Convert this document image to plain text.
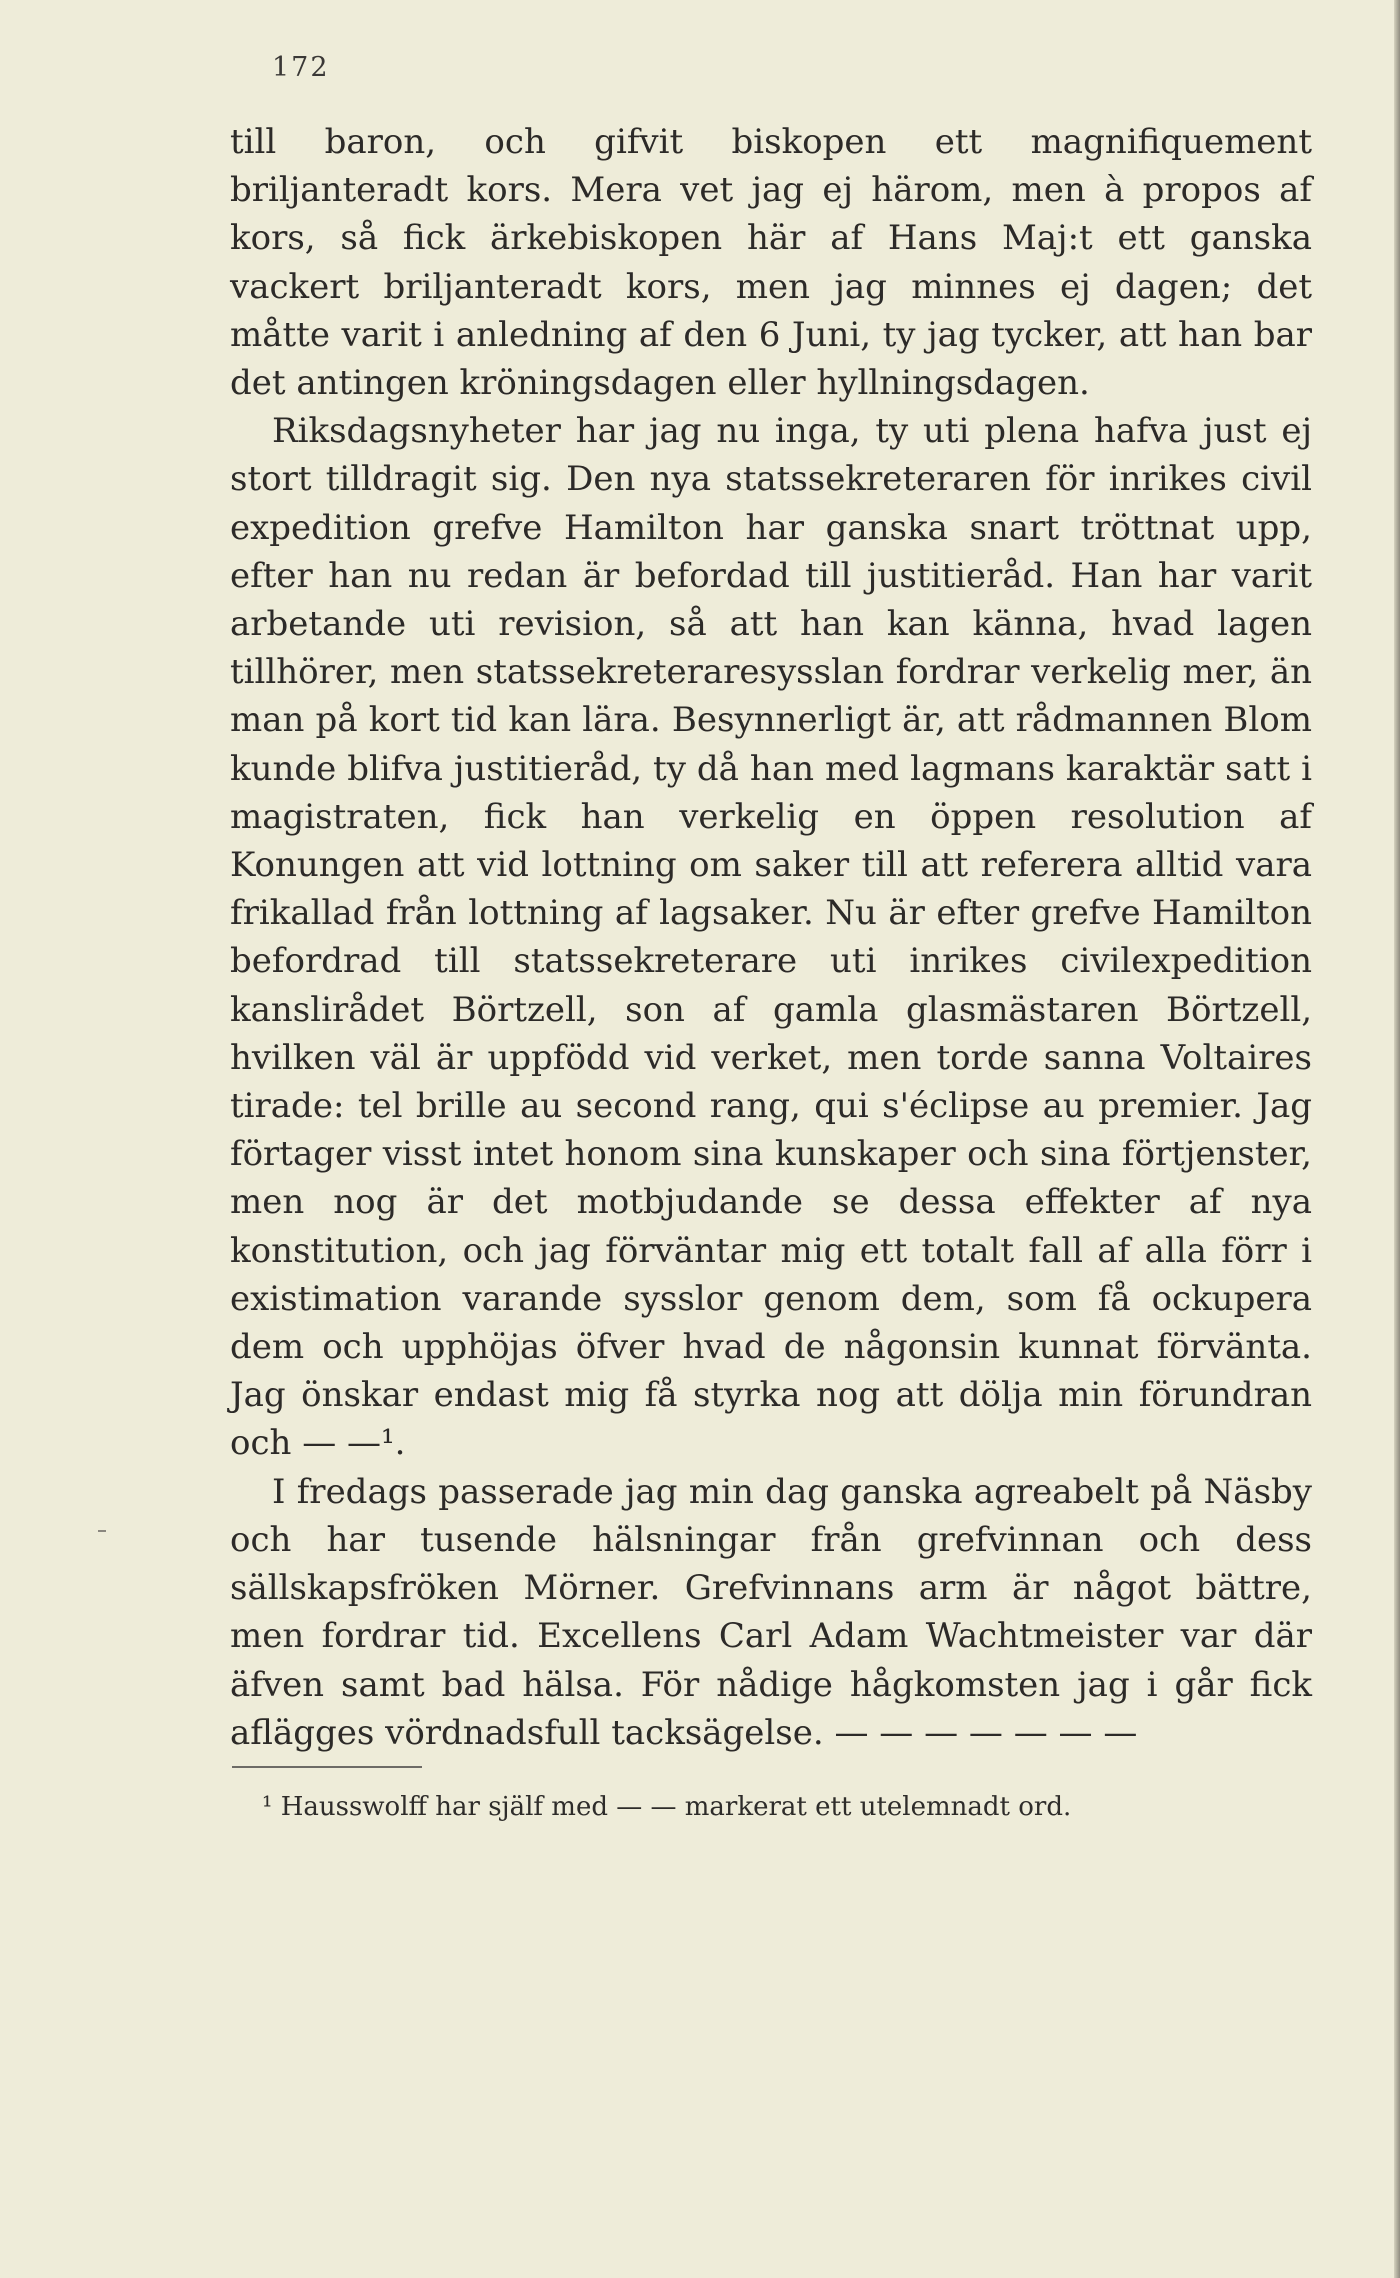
172

till baron, och gifvit biskopen ett magnifiquement briljanteradt kors. Mera vet jag ej härom, men à propos af kors, så fick ärkebiskopen här af Hans Maj:t ett ganska vackert briljanteradt kors, men jag minnes ej dagen; det måtte varit i anledning af den 6 Juni, ty jag tycker, att han bar det antingen kröningsdagen eller hyllningsdagen.

Riksdagsnyheter har jag nu inga, ty uti plena hafva just ej stort tilldragit sig. Den nya statssekreteraren för inrikes civil expedition grefve Hamilton har ganska snart tröttnat upp, efter han nu redan är befordad till justitieråd. Han har varit arbetande uti revision, så att han kan känna, hvad lagen tillhörer, men statssekreteraresysslan fordrar verkelig mer, än man på kort tid kan lära. Besynnerligt är, att rådmannen Blom kunde blifva justitieråd, ty då han med lagmans karaktär satt i magistraten, fick han verkelig en öppen resolution af Konungen att vid lottning om saker till att referera alltid vara frikallad från lottning af lagsaker. Nu är efter grefve Hamilton befordrad till statssekreterare uti inrikes civilexpedition kanslirådet Börtzell, son af gamla glasmästaren Börtzell, hvilken väl är uppfödd vid verket, men torde sanna Voltaires tirade: tel brille au second rang, qui s'éclipse au premier. Jag förtager visst intet honom sina kunskaper och sina förtjenster, men nog är det motbjudande se dessa effekter af nya konstitution, och jag förväntar mig ett totalt fall af alla förr i existimation varande sysslor genom dem, som få ockupera dem och upphöjas öfver hvad de någonsin kunnat förvänta. Jag önskar endast mig få styrka nog att dölja min förundran och — —¹.

I fredags passerade jag min dag ganska agreabelt på Näsby och har tusende hälsningar från grefvinnan och dess sällskapsfröken Mörner. Grefvinnans arm är något bättre, men fordrar tid. Excellens Carl Adam Wachtmeister var där äfven samt bad hälsa. För nådige hågkomsten jag i går fick aflägges vördnadsfull tacksägelse. — — — — — — —

¹ Hausswolff har själf med — — markerat ett utelemnadt ord.
